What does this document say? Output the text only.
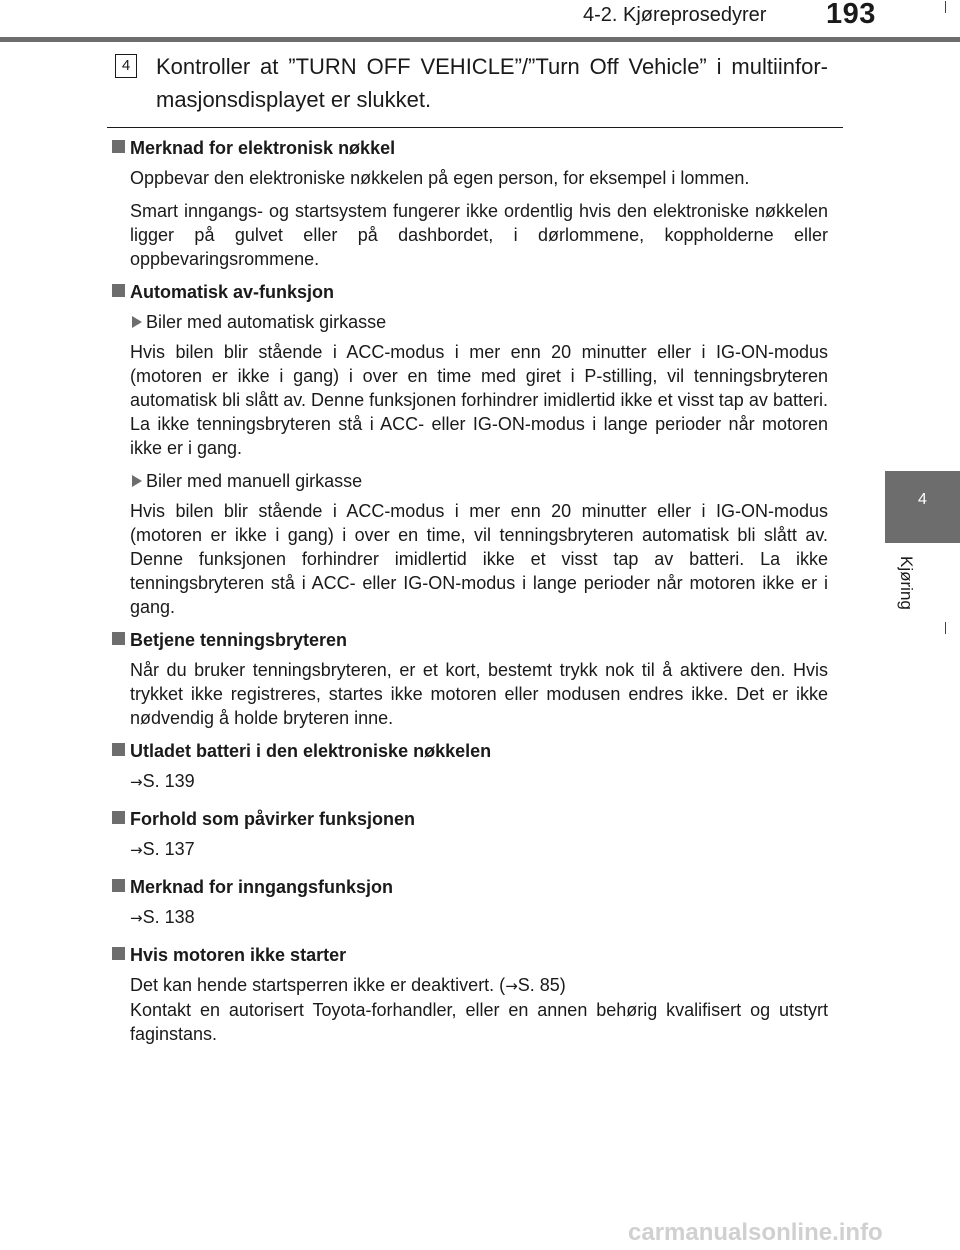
4-2. Kjøreprosedyrer 193
4
Kjøring
4	Kontroller at ”TURN OFF VEHICLE”/”Turn Off Vehicle” i multiinformasjonsdisplayet er slukket.
Merknad for elektronisk nøkkel
Oppbevar den elektroniske nøkkelen på egen person, for eksempel i lommen.
Smart inngangs- og startsystem fungerer ikke ordentlig hvis den elektroniske nøkkelen ligger på gulvet eller på dashbordet, i dørlommene, koppholderne eller oppbevaringsrommene.
Automatisk av-funksjon
Biler med automatisk girkasse
Hvis bilen blir stående i ACC-modus i mer enn 20 minutter eller i IG-ON-modus (motoren er ikke i gang) i over en time med giret i P-stilling, vil tenningsbryteren automatisk bli slått av. Denne funksjonen forhindrer imidlertid ikke et visst tap av batteri. La ikke tenningsbryteren stå i ACC- eller IG-ON-modus i lange perioder når motoren ikke er i gang.
Biler med manuell girkasse
Hvis bilen blir stående i ACC-modus i mer enn 20 minutter eller i IG-ON-modus (motoren er ikke i gang) i over en time, vil tenningsbryteren automatisk bli slått av. Denne funksjonen forhindrer imidlertid ikke et visst tap av batteri. La ikke tenningsbryteren stå i ACC- eller IG-ON-modus i lange perioder når motoren ikke er i gang.
Betjene tenningsbryteren
Når du bruker tenningsbryteren, er et kort, bestemt trykk nok til å aktivere den. Hvis trykket ikke registreres, startes ikke motoren eller modusen endres ikke. Det er ikke nødvendig å holde bryteren inne.
Utladet batteri i den elektroniske nøkkelen
→S. 139
Forhold som påvirker funksjonen
→S. 137
Merknad for inngangsfunksjon
→S. 138
Hvis motoren ikke starter
Det kan hende startsperren ikke er deaktivert. (→S. 85)
Kontakt en autorisert Toyota-forhandler, eller en annen behørig kvalifisert og utstyrt faginstans.
carmanualsonline.info
